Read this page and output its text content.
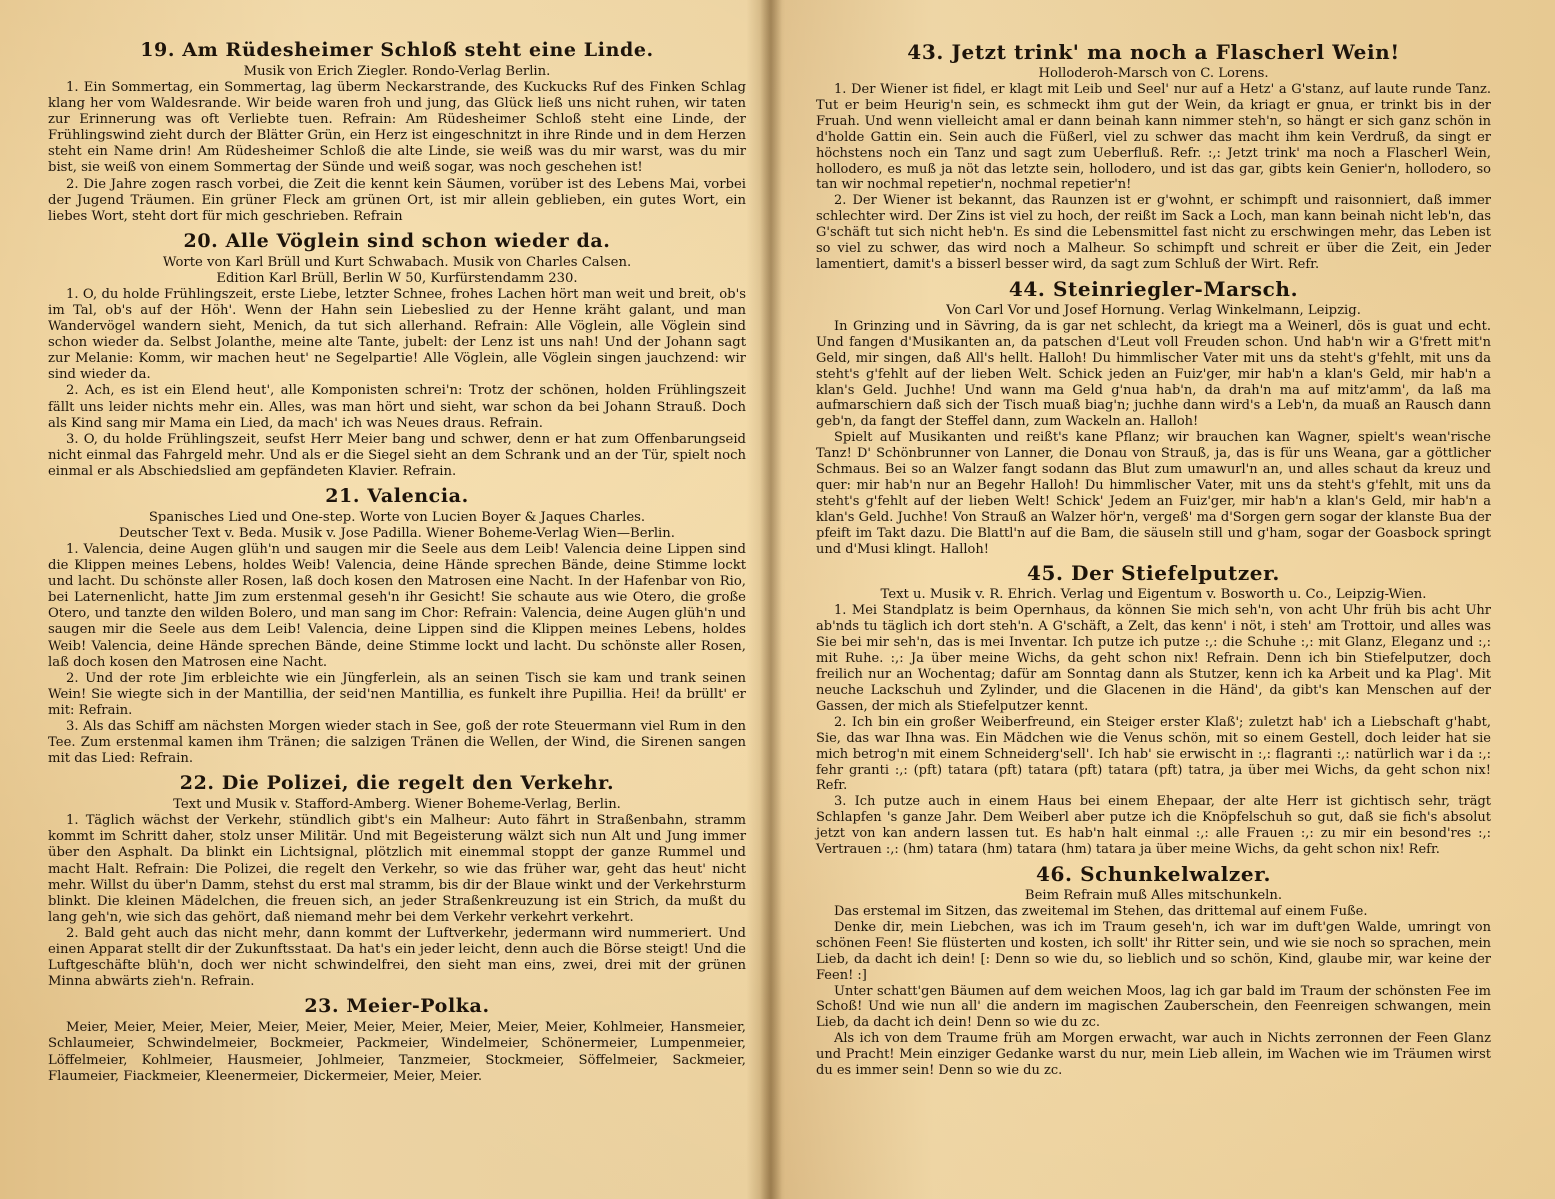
19. Am Rüdesheimer Schloß steht eine Linde.
Musik von Erich Ziegler. Rondo-Verlag Berlin.

1. Ein Sommertag, ein Sommertag, lag überm Neckarstrande, des Kuckucks Ruf des Finken Schlag klang her vom Waldesrande. Wir beide waren froh und jung, das Glück ließ uns nicht ruhen, wir taten zur Erinnerung was oft Verliebte tuen. Refrain: Am Rüdesheimer Schloß steht eine Linde, der Frühlingswind zieht durch der Blätter Grün, ein Herz ist eingeschnitzt in ihre Rinde und in dem Herzen steht ein Name drin! Am Rüdesheimer Schloß die alte Linde, sie weiß was du mir warst, was du mir bist, sie weiß von einem Sommertag der Sünde und weiß sogar, was noch geschehen ist!

2. Die Jahre zogen rasch vorbei, die Zeit die kennt kein Säumen, vorüber ist des Lebens Mai, vorbei der Jugend Träumen. Ein grüner Fleck am grünen Ort, ist mir allein geblieben, ein gutes Wort, ein liebes Wort, steht dort für mich geschrieben. Refrain

20. Alle Vöglein sind schon wieder da.
Worte von Karl Brüll und Kurt Schwabach. Musik von Charles Calsen.
Edition Karl Brüll, Berlin W 50, Kurfürstendamm 230.

1. O, du holde Frühlingszeit, erste Liebe, letzter Schnee, frohes Lachen hört man weit und breit, ob's im Tal, ob's auf der Höh'. Wenn der Hahn sein Liebeslied zu der Henne kräht galant, und man Wandervögel wandern sieht, Menich, da tut sich allerhand. Refrain: Alle Vöglein, alle Vöglein sind schon wieder da. Selbst Jolanthe, meine alte Tante, jubelt: der Lenz ist uns nah! Und der Johann sagt zur Melanie: Komm, wir machen heut' ne Segelpartie! Alle Vöglein, alle Vöglein singen jauchzend: wir sind wieder da.

2. Ach, es ist ein Elend heut', alle Komponisten schrei'n: Trotz der schönen, holden Frühlingszeit fällt uns leider nichts mehr ein. Alles, was man hört und sieht, war schon da bei Johann Strauß. Doch als Kind sang mir Mama ein Lied, da mach' ich was Neues draus. Refrain.

3. O, du holde Frühlingszeit, seufst Herr Meier bang und schwer, denn er hat zum Offenbarungseid nicht einmal das Fahrgeld mehr. Und als er die Siegel sieht an dem Schrank und an der Tür, spielt noch einmal er als Abschiedslied am gepfändeten Klavier. Refrain.

21. Valencia.
Spanisches Lied und One-step. Worte von Lucien Boyer & Jaques Charles.
Deutscher Text v. Beda. Musik v. Jose Padilla. Wiener Boheme-Verlag Wien—Berlin.

1. Valencia, deine Augen glüh'n und saugen mir die Seele aus dem Leib! Valencia deine Lippen sind die Klippen meines Lebens, holdes Weib! Valencia, deine Hände sprechen Bände, deine Stimme lockt und lacht. Du schönste aller Rosen, laß doch kosen den Matrosen eine Nacht. In der Hafenbar von Rio, bei Laternenlicht, hatte Jim zum erstenmal geseh'n ihr Gesicht! Sie schaute aus wie Otero, die große Otero, und tanzte den wilden Bolero, und man sang im Chor: Refrain: Valencia, deine Augen glüh'n und saugen mir die Seele aus dem Leib! Valencia, deine Lippen sind die Klippen meines Lebens, holdes Weib! Valencia, deine Hände sprechen Bände, deine Stimme lockt und lacht. Du schönste aller Rosen, laß doch kosen den Matrosen eine Nacht.

2. Und der rote Jim erbleichte wie ein Jüngferlein, als an seinen Tisch sie kam und trank seinen Wein! Sie wiegte sich in der Mantillia, der seid'nen Mantillia, es funkelt ihre Pupillia. Hei! da brüllt' er mit: Refrain.

3. Als das Schiff am nächsten Morgen wieder stach in See, goß der rote Steuermann viel Rum in den Tee. Zum erstenmal kamen ihm Tränen; die salzigen Tränen die Wellen, der Wind, die Sirenen sangen mit das Lied: Refrain.

22. Die Polizei, die regelt den Verkehr.
Text und Musik v. Stafford-Amberg. Wiener Boheme-Verlag, Berlin.

1. Täglich wächst der Verkehr, stündlich gibt's ein Malheur: Auto fährt in Straßenbahn, stramm kommt im Schritt daher, stolz unser Militär. Und mit Begeisterung wälzt sich nun Alt und Jung immer über den Asphalt. Da blinkt ein Lichtsignal, plötzlich mit einemmal stoppt der ganze Rummel und macht Halt. Refrain: Die Polizei, die regelt den Verkehr, so wie das früher war, geht das heut' nicht mehr. Willst du über'n Damm, stehst du erst mal stramm, bis dir der Blaue winkt und der Verkehrsturm blinkt. Die kleinen Mädelchen, die freuen sich, an jeder Straßenkreuzung ist ein Strich, da mußt du lang geh'n, wie sich das gehört, daß niemand mehr bei dem Verkehr verkehrt verkehrt.

2. Bald geht auch das nicht mehr, dann kommt der Luftverkehr, jedermann wird nummeriert. Und einen Apparat stellt dir der Zukunftsstaat. Da hat's ein jeder leicht, denn auch die Börse steigt! Und die Luftgeschäfte blüh'n, doch wer nicht schwindelfrei, den sieht man eins, zwei, drei mit der grünen Minna abwärts zieh'n. Refrain.

23. Meier-Polka.

Meier, Meier, Meier, Meier, Meier, Meier, Meier, Meier, Meier, Meier, Meier, Kohlmeier, Hansmeier, Schlaumeier, Schwindelmeier, Bockmeier, Packmeier, Windelmeier, Schönermeier, Lumpenmeier, Löffelmeier, Kohlmeier, Hausmeier, Johlmeier, Tanzmeier, Stockmeier, Söffelmeier, Sackmeier, Flaumeier, Fiackmeier, Kleenermeier, Dickermeier, Meier, Meier.

43. Jetzt trink' ma noch a Flascherl Wein!
Holloderoh-Marsch von C. Lorens.

1. Der Wiener ist fidel, er klagt mit Leib und Seel' nur auf a Hetz' a G'stanz, auf laute runde Tanz. Tut er beim Heurig'n sein, es schmeckt ihm gut der Wein, da kriagt er gnua, er trinkt bis in der Fruah. Und wenn vielleicht amal er dann beinah kann nimmer steh'n, so hängt er sich ganz schön in d'holde Gattin ein. Sein auch die Füßerl, viel zu schwer das macht ihm kein Verdruß, da singt er höchstens noch ein Tanz und sagt zum Ueberfluß. Refr. :,: Jetzt trink' ma noch a Flascherl Wein, hollodero, es muß ja nöt das letzte sein, hollodero, und ist das gar, gibts kein Genier'n, hollodero, so tan wir nochmal repetier'n, nochmal repetier'n!

2. Der Wiener ist bekannt, das Raunzen ist er g'wohnt, er schimpft und raisonniert, daß immer schlechter wird. Der Zins ist viel zu hoch, der reißt im Sack a Loch, man kann beinah nicht leb'n, das G'schäft tut sich nicht heb'n. Es sind die Lebensmittel fast nicht zu erschwingen mehr, das Leben ist so viel zu schwer, das wird noch a Malheur. So schimpft und schreit er über die Zeit, ein Jeder lamentiert, damit's a bisserl besser wird, da sagt zum Schluß der Wirt. Refr.

44. Steinriegler-Marsch.
Von Carl Vor und Josef Hornung. Verlag Winkelmann, Leipzig.

In Grinzing und in Sävring, da is gar net schlecht, da kriegt ma a Weinerl, dös is guat und echt. Und fangen d'Musikanten an, da patschen d'Leut voll Freuden schon. Und hab'n wir a G'frett mit'n Geld, mir singen, daß All's hellt. Halloh! Du himmlischer Vater mit uns da steht's g'fehlt, mit uns da steht's g'fehlt auf der lieben Welt. Schick jeden an Fuiz'ger, mir hab'n a klan's Geld, mir hab'n a klan's Geld. Juchhe! Und wann ma Geld g'nua hab'n, da drah'n ma auf mitz'amm', da laß ma aufmarschiern daß sich der Tisch muaß biag'n; juchhe dann wird's a Leb'n, da muaß an Rausch dann geb'n, da fangt der Steffel dann, zum Wackeln an. Halloh!

Spielt auf Musikanten und reißt's kane Pflanz; wir brauchen kan Wagner, spielt's wean'rische Tanz! D' Schönbrunner von Lanner, die Donau von Strauß, ja, das is für uns Weana, gar a göttlicher Schmaus. Bei so an Walzer fangt sodann das Blut zum umawurl'n an, und alles schaut da kreuz und quer: mir hab'n nur an Begehr Halloh! Du himmlischer Vater, mit uns da steht's g'fehlt, mit uns da steht's g'fehlt auf der lieben Welt! Schick' Jedem an Fuiz'ger, mir hab'n a klan's Geld, mir hab'n a klan's Geld. Juchhe! Von Strauß an Walzer hör'n, vergeß' ma d'Sorgen gern sogar der klanste Bua der pfeift im Takt dazu. Die Blattl'n auf die Bam, die säuseln still und g'ham, sogar der Goasbock springt und d'Musi klingt. Halloh!

45. Der Stiefelputzer.
Text u. Musik v. R. Ehrich. Verlag und Eigentum v. Bosworth u. Co., Leipzig-Wien.

1. Mei Standplatz is beim Opernhaus, da können Sie mich seh'n, von acht Uhr früh bis acht Uhr ab'nds tu täglich ich dort steh'n. A G'schäft, a Zelt, das kenn' i nöt, i steh' am Trottoir, und alles was Sie bei mir seh'n, das is mei Inventar. Ich putze ich putze :,: die Schuhe :,: mit Glanz, Eleganz und :,: mit Ruhe. :,: Ja über meine Wichs, da geht schon nix! Refrain. Denn ich bin Stiefelputzer, doch freilich nur an Wochentag; dafür am Sonntag dann als Stutzer, kenn ich ka Arbeit und ka Plag'. Mit neuche Lackschuh und Zylinder, und die Glacenen in die Händ', da gibt's kan Menschen auf der Gassen, der mich als Stiefelputzer kennt.

2. Ich bin ein großer Weiberfreund, ein Steiger erster Klaß'; zuletzt hab' ich a Liebschaft g'habt, Sie, das war Ihna was. Ein Mädchen wie die Venus schön, mit so einem Gestell, doch leider hat sie mich betrog'n mit einem Schneiderg'sell'. Ich hab' sie erwischt in :,: flagranti :,: natürlich war i da :,: fehr granti :,: (pft) tatara (pft) tatara (pft) tatara (pft) tatra, ja über mei Wichs, da geht schon nix! Refr.

3. Ich putze auch in einem Haus bei einem Ehepaar, der alte Herr ist gichtisch sehr, trägt Schlapfen 's ganze Jahr. Dem Weiberl aber putze ich die Knöpfelschuh so gut, daß sie fich's absolut jetzt von kan andern lassen tut. Es hab'n halt einmal :,: alle Frauen :,: zu mir ein besond'res :,: Vertrauen :,: (hm) tatara (hm) tatara (hm) tatara ja über meine Wichs, da geht schon nix! Refr.

46. Schunkelwalzer.
Beim Refrain muß Alles mitschunkeln.

Das erstemal im Sitzen, das zweitemal im Stehen, das drittemal auf einem Fuße.

Denke dir, mein Liebchen, was ich im Traum geseh'n, ich war im duft'gen Walde, umringt von schönen Feen! Sie flüsterten und kosten, ich sollt' ihr Ritter sein, und wie sie noch so sprachen, mein Lieb, da dacht ich dein! [: Denn so wie du, so lieblich und so schön, Kind, glaube mir, war keine der Feen! :]

Unter schatt'gen Bäumen auf dem weichen Moos, lag ich gar bald im Traum der schönsten Fee im Schoß! Und wie nun all' die andern im magischen Zauberschein, den Feenreigen schwangen, mein Lieb, da dacht ich dein! Denn so wie du zc.

Als ich von dem Traume früh am Morgen erwacht, war auch in Nichts zerronnen der Feen Glanz und Pracht! Mein einziger Gedanke warst du nur, mein Lieb allein, im Wachen wie im Träumen wirst du es immer sein! Denn so wie du zc.
